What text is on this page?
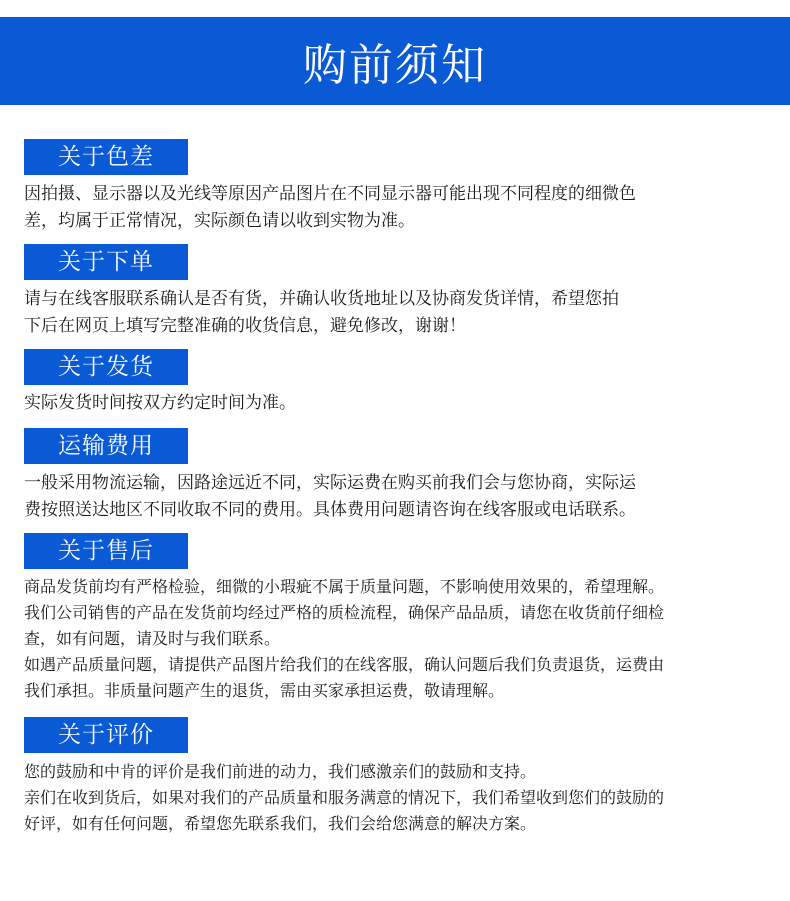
购前须知
关于色差

因拍摄、显示器以及光线等原因产品图片在不同显示器可能出现不同程度的细微色

差，均属于正常情况，实际颜色请以收到实物为准。

关于下单

请与在线客服联系确认是否有货，并确认收货地址以及协商发货详情，希望您拍

下后在网页上填写完整准确的收货信息，避免修改，谢谢！

关于发货

实际发货时间按双方约定时间为准。

运输费用

一般采用物流运输，因路途远近不同，实际运费在购买前我们会与您协商，实际运

费按照送达地区不同收取不同的费用。具体费用问题请咨询在线客服或电话联系。

关于售后

商品发货前均有严格检验，细微的小瑕疵不属于质量问题，不影响使用效果的，希望理解。

我们公司销售的产品在发货前均经过严格的质检流程，确保产品品质，请您在收货前仔细检

查，如有问题，请及时与我们联系。

如遇产品质量问题，请提供产品图片给我们的在线客服，确认问题后我们负责退货，运费由

我们承担。非质量问题产生的退货，需由买家承担运费，敬请理解。

关于评价

您的鼓励和中肯的评价是我们前进的动力，我们感激亲们的鼓励和支持。

亲们在收到货后，如果对我们的产品质量和服务满意的情况下，我们希望收到您们的鼓励的

好评，如有任何问题，希望您先联系我们，我们会给您满意的解决方案。
